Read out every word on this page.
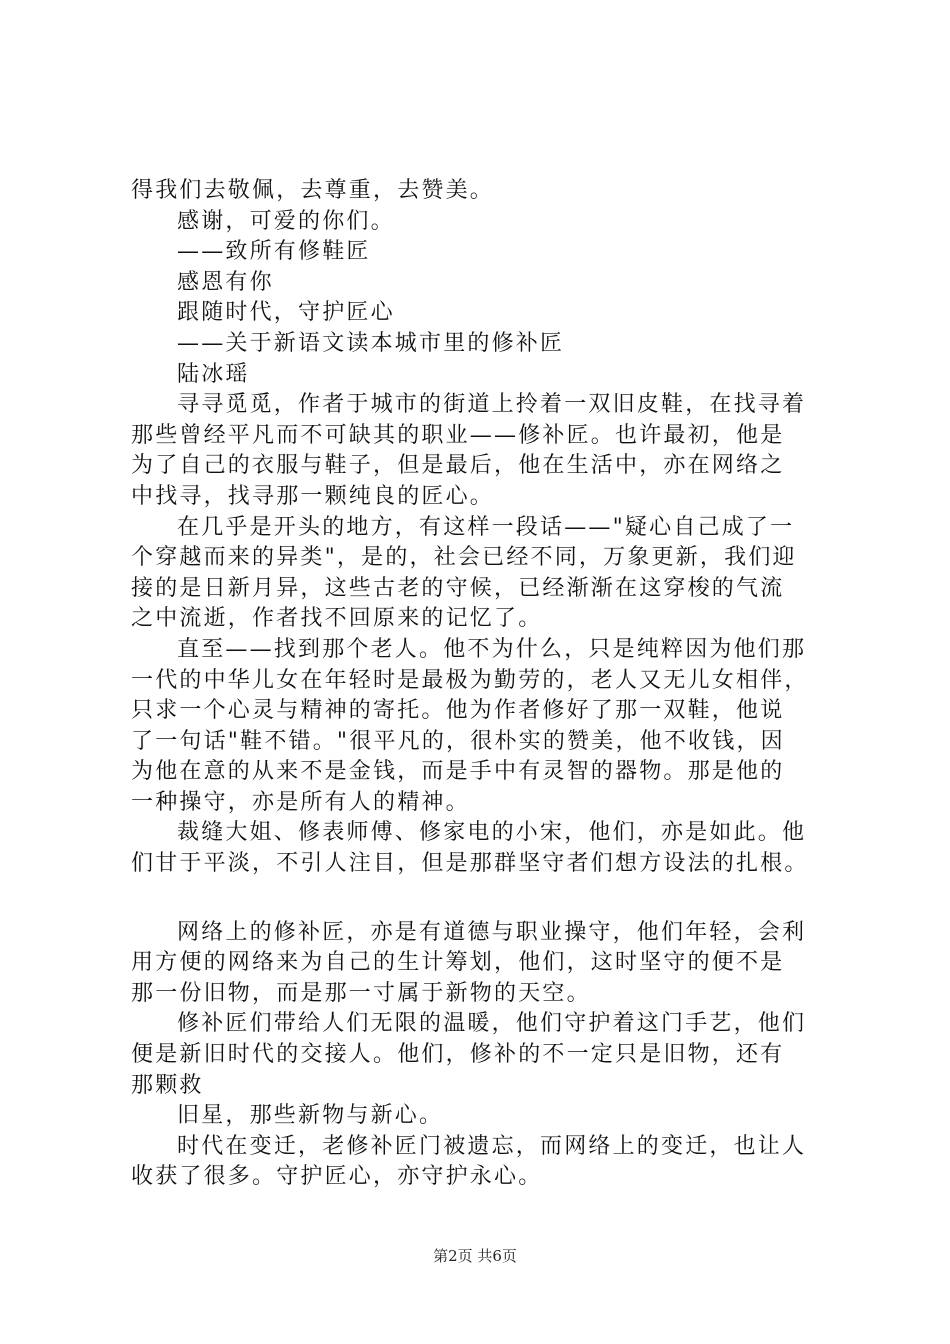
得我们去敬佩，去尊重，去赞美。
感谢，可爱的你们。
——致所有修鞋匠
感恩有你
跟随时代，守护匠心
——关于新语文读本城市里的修补匠
陆冰瑶
寻寻觅觅，作者于城市的街道上拎着一双旧皮鞋，在找寻着
那些曾经平凡而不可缺其的职业——修补匠。也许最初，他是
为了自己的衣服与鞋子，但是最后，他在生活中，亦在网络之
中找寻，找寻那一颗纯良的匠心。
在几乎是开头的地方，有这样一段话——"疑心自己成了一
个穿越而来的异类"，是的，社会已经不同，万象更新，我们迎
接的是日新月异，这些古老的守候，已经渐渐在这穿梭的气流
之中流逝，作者找不回原来的记忆了。
直至——找到那个老人。他不为什么，只是纯粹因为他们那
一代的中华儿女在年轻时是最极为勤劳的，老人又无儿女相伴，
只求一个心灵与精神的寄托。他为作者修好了那一双鞋，他说
了一句话"鞋不错。"很平凡的，很朴实的赞美，他不收钱，因
为他在意的从来不是金钱，而是手中有灵智的器物。那是他的
一种操守，亦是所有人的精神。
裁缝大姐、修表师傅、修家电的小宋，他们，亦是如此。他
们甘于平淡，不引人注目，但是那群坚守者们想方设法的扎根。
网络上的修补匠，亦是有道德与职业操守，他们年轻，会利
用方便的网络来为自己的生计筹划，他们，这时坚守的便不是
那一份旧物，而是那一寸属于新物的天空。
修补匠们带给人们无限的温暖，他们守护着这门手艺，他们
便是新旧时代的交接人。他们，修补的不一定只是旧物，还有
那颗救
旧星，那些新物与新心。
时代在变迁，老修补匠门被遗忘，而网络上的变迁，也让人
收获了很多。守护匠心，亦守护永心。
第2页 共6页
